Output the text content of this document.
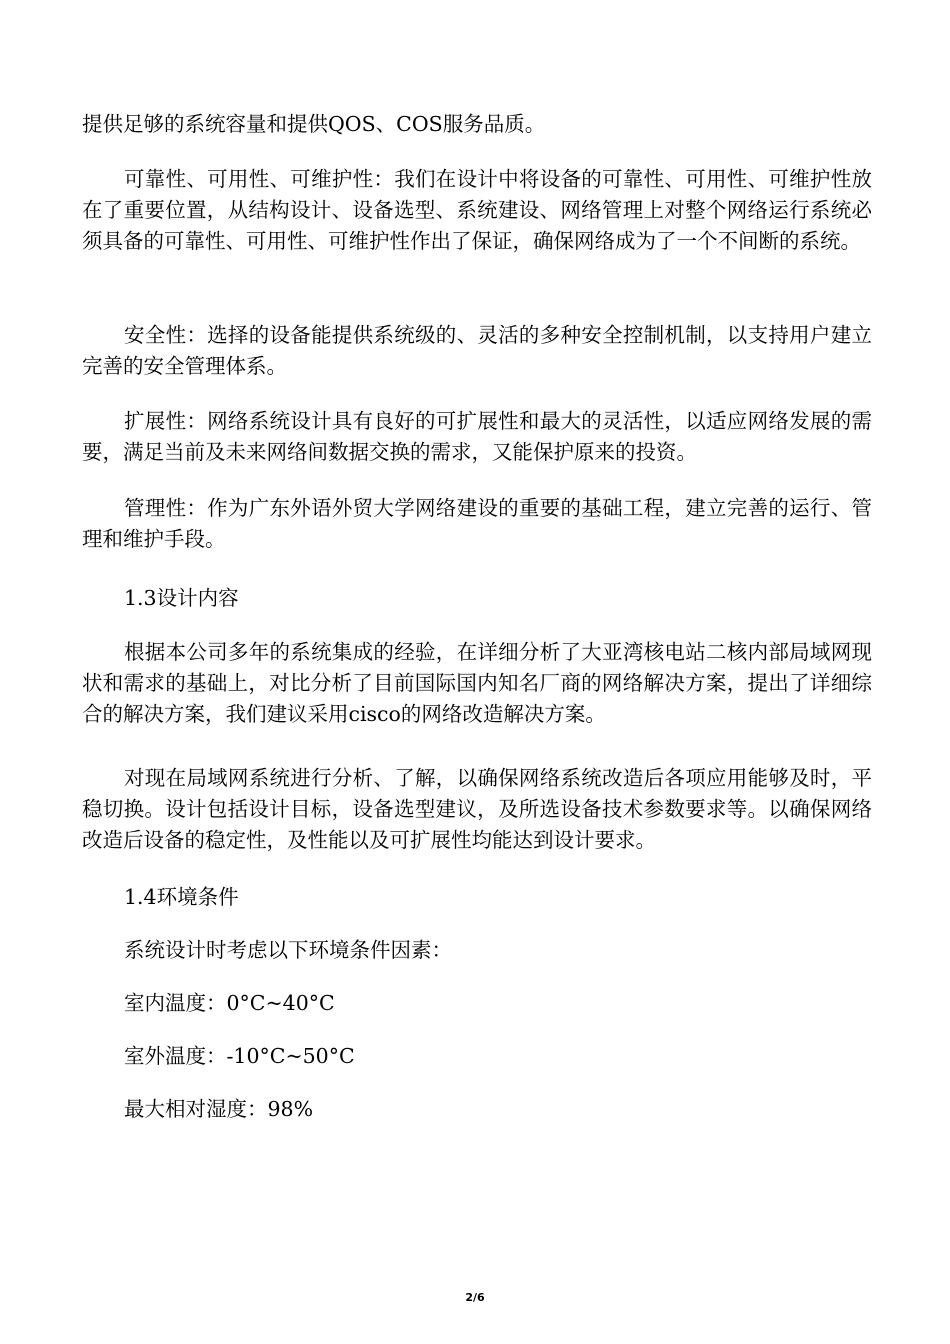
提供足够的系统容量和提供QOS、COS服务品质。

可靠性、可用性、可维护性：我们在设计中将设备的可靠性、可用性、可维护性放在了重要位置，从结构设计、设备选型、系统建设、网络管理上对整个网络运行系统必须具备的可靠性、可用性、可维护性作出了保证，确保网络成为了一个不间断的系统。

安全性：选择的设备能提供系统级的、灵活的多种安全控制机制，以支持用户建立完善的安全管理体系。

扩展性：网络系统设计具有良好的可扩展性和最大的灵活性，以适应网络发展的需要，满足当前及未来网络间数据交换的需求，又能保护原来的投资。

管理性：作为广东外语外贸大学网络建设的重要的基础工程，建立完善的运行、管理和维护手段。

1.3设计内容

根据本公司多年的系统集成的经验，在详细分析了大亚湾核电站二核内部局域网现状和需求的基础上，对比分析了目前国际国内知名厂商的网络解决方案，提出了详细综合的解决方案，我们建议采用cisco的网络改造解决方案。

对现在局域网系统进行分析、了解，以确保网络系统改造后各项应用能够及时，平稳切换。设计包括设计目标，设备选型建议，及所选设备技术参数要求等。以确保网络改造后设备的稳定性，及性能以及可扩展性均能达到设计要求。

1.4环境条件

系统设计时考虑以下环境条件因素：

室内温度：0°C~40°C

室外温度：-10°C~50°C

最大相对湿度：98%

2/6
